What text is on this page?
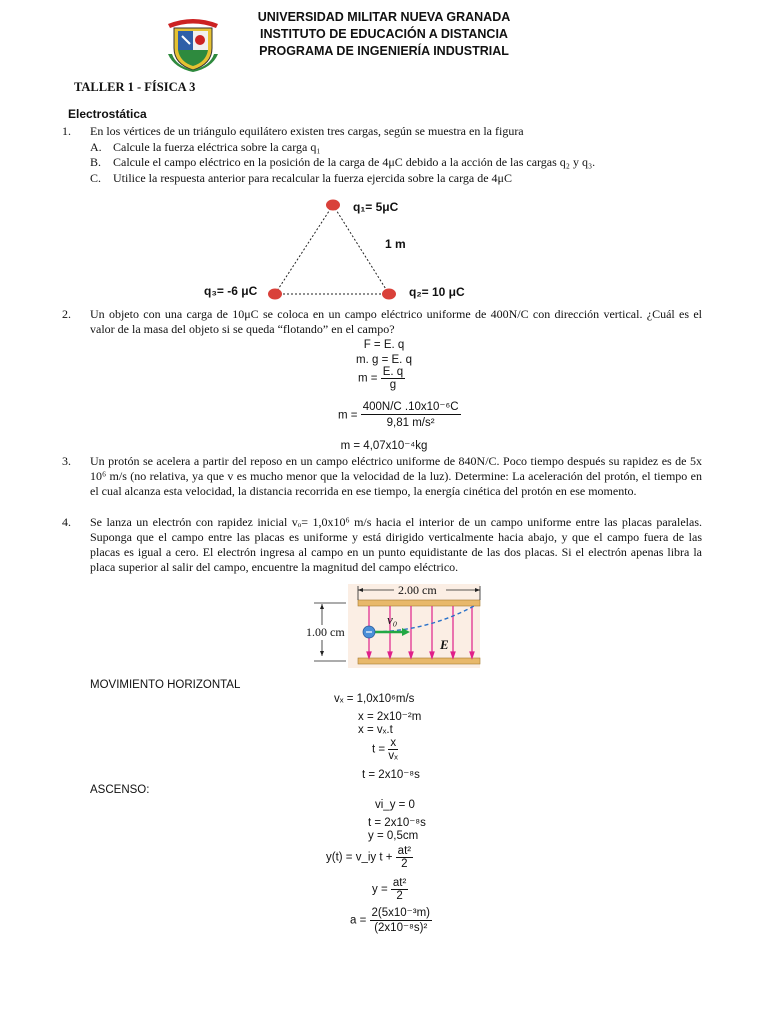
UNIVERSIDAD MILITAR NUEVA GRANADA
INSTITUTO DE EDUCACIÓN A DISTANCIA
PROGRAMA DE INGENIERÍA INDUSTRIAL
TALLER 1 - FÍSICA 3
Electrostática
1. En los vértices de un triángulo equilátero existen tres cargas, según se muestra en la figura
A. Calcule la fuerza eléctrica sobre la carga q₁
B. Calcule el campo eléctrico en la posición de la carga de 4μC debido a la acción de las cargas q₂ y q₃.
C. Utilice la respuesta anterior para recalcular la fuerza ejercida sobre la carga de 4μC
q₁= 5μC
1 m
q₃= -6 μC	q₂= 10 μC
2. Un objeto con una carga de 10μC se coloca en un campo eléctrico uniforme de 400N/C con dirección vertical. ¿Cuál es el valor de la masa del objeto si se queda “flotando” en el campo?
F = E. q
m. g = E. q
$m = \frac{E. q}{g}$
$m = \frac{\text{400N/C .10x10⁻⁶C}}{\text{9,81 m/s²}}$
m = 4,07x10⁻⁴kg
3. Un protón se acelera a partir del reposo en un campo eléctrico uniforme de 840N/C. Poco tiempo después su rapidez es de 5x 10⁶ m/s (no relativa, ya que v es mucho menor que la velocidad de la luz). Determine: La aceleración del protón, el tiempo en el cual alcanza esta velocidad, la distancia recorrida en ese tiempo, la energía cinética del protón en ese momento.
4. Se lanza un electrón con rapidez inicial vₒ= 1,0x10⁶ m/s hacia el interior de un campo uniforme entre las placas paralelas. Suponga que el campo entre las placas es uniforme y está dirigido verticalmente hacia abajo, y que el campo fuera de las placas es igual a cero. El electrón ingresa al campo en un punto equidistante de las dos placas. Si el electrón apenas libra la placa superior al salir del campo, encuentre la magnitud del campo eléctrico.
2.00 cm
1.00 cm
v₀
E
MOVIMIENTO HORIZONTAL
vₓ = 1,0x10⁶m/s
x = 2x10⁻²m
x = vₓ.t
$t = \frac{x}{\text{vₓ}}$
t = 2x10⁻⁸s
ASCENSO:
vi_y = 0
t = 2x10⁻⁸s
y = 0,5cm
y(t) = v_iy $t + \frac{\text{at²}}{2}$
$y = \frac{\text{at²}}{2}$
$a = \frac{\text{2(5x10⁻³m)}}{\text{(2x10⁻⁸s)²}}$
